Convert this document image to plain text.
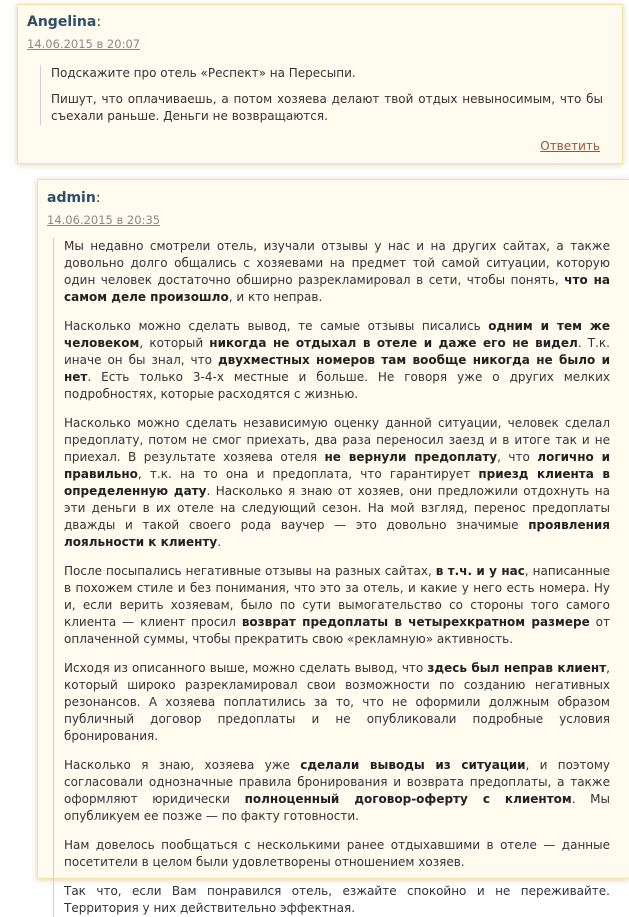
Angelina:
14.06.2015 в 20:07
Подскажите про отель «Респект» на Пересыпи.
Пишут, что оплачиваешь, а потом хозяева делают твой отдых невыносимым, что бы съехали раньше. Деньги не возвращаются.
Ответить
admin:
14.06.2015 в 20:35
Мы недавно смотрели отель, изучали отзывы у нас и на других сайтах, а также довольно долго общались с хозяевами на предмет той самой ситуации, которую один человек достаточно обширно разрекламировал в сети, чтобы понять, что на самом деле произошло, и кто неправ.
Насколько можно сделать вывод, те самые отзывы писались одним и тем же человеком, который никогда не отдыхал в отеле и даже его не видел. Т.к. иначе он бы знал, что двухместных номеров там вообще никогда не было и нет. Есть только 3-4-х местные и больше. Не говоря уже о других мелких подробностях, которые расходятся с жизнью.
Насколько можно сделать независимую оценку данной ситуации, человек сделал предоплату, потом не смог приехать, два раза переносил заезд и в итоге так и не приехал. В результате хозяева отеля не вернули предоплату, что логично и правильно, т.к. на то она и предоплата, что гарантирует приезд клиента в определенную дату. Насколько я знаю от хозяев, они предложили отдохнуть на эти деньги в их отеле на следующий сезон. На мой взгляд, перенос предоплаты дважды и такой своего рода ваучер — это довольно значимые проявления лояльности к клиенту.
После посыпались негативные отзывы на разных сайтах, в т.ч. и у нас, написанные в похожем стиле и без понимания, что это за отель, и какие у него есть номера. Ну и, если верить хозяевам, было по сути вымогательство со стороны того самого клиента — клиент просил возврат предоплаты в четырехкратном размере от оплаченной суммы, чтобы прекратить свою «рекламную» активность.
Исходя из описанного выше, можно сделать вывод, что здесь был неправ клиент, который широко разрекламировал свои возможности по созданию негативных резонансов. А хозяева поплатились за то, что не оформили должным образом публичный договор предоплаты и не опубликовали подробные условия бронирования.
Насколько я знаю, хозяева уже сделали выводы из ситуации, и поэтому согласовали однозначные правила бронирования и возврата предоплаты, а также оформляют юридически полноценный договор-оферту с клиентом. Мы опубликуем ее позже — по факту готовности.
Нам довелось пообщаться с несколькими ранее отдыхавшими в отеле — данные посетители в целом были удовлетворены отношением хозяев.
Так что, если Вам понравился отель, езжайте спокойно и не переживайте. Территория у них действительно эффектная.
